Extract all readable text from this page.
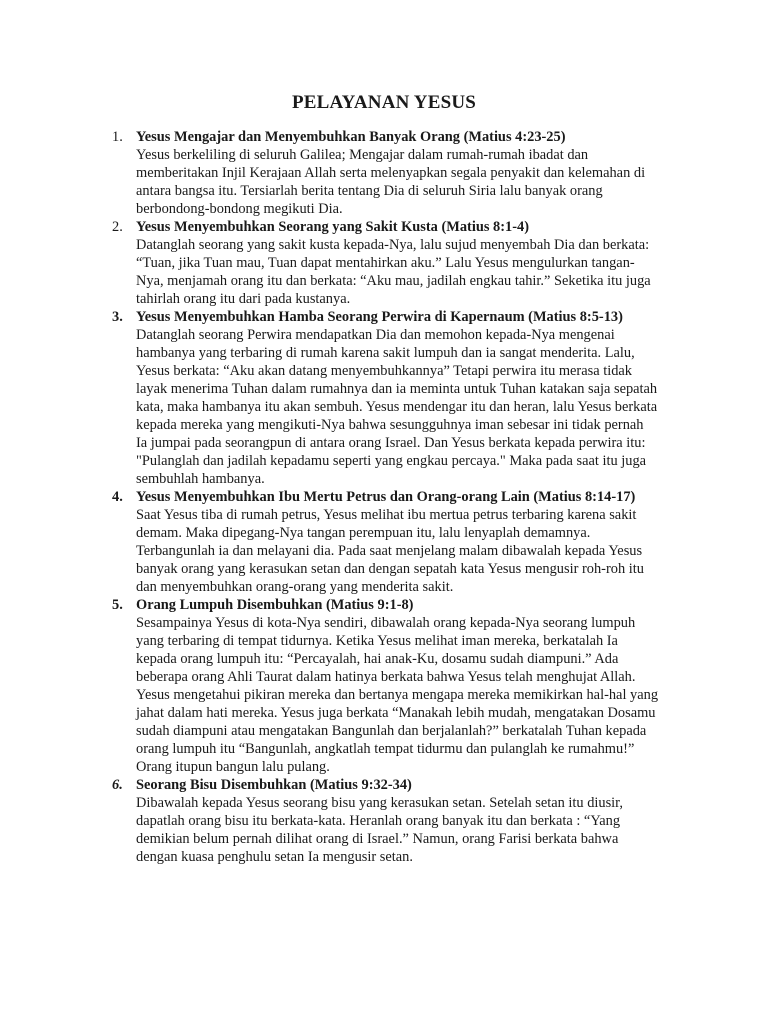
PELAYANAN YESUS
1. Yesus Mengajar dan Menyembuhkan Banyak Orang (Matius 4:23-25)
Yesus berkeliling di seluruh Galilea; Mengajar dalam rumah-rumah ibadat dan memberitakan Injil Kerajaan Allah serta melenyapkan segala penyakit dan kelemahan di antara bangsa itu. Tersiarlah berita tentang Dia di seluruh Siria lalu banyak orang berbondong-bondong megikuti Dia.
2. Yesus Menyembuhkan Seorang yang Sakit Kusta (Matius 8:1-4)
Datanglah seorang yang sakit kusta kepada-Nya, lalu sujud menyembah Dia dan berkata: “Tuan, jika Tuan mau, Tuan dapat mentahirkan aku.” Lalu Yesus mengulurkan tangan-Nya, menjamah orang itu dan berkata: “Aku mau, jadilah engkau tahir.” Seketika itu juga tahirlah orang itu dari pada kustanya.
3. Yesus Menyembuhkan Hamba Seorang Perwira di Kapernaum (Matius 8:5-13)
Datanglah seorang Perwira mendapatkan Dia dan memohon kepada-Nya mengenai hambanya yang terbaring di rumah karena sakit lumpuh dan ia sangat menderita. Lalu, Yesus berkata: “Aku akan datang menyembuhkannya” Tetapi perwira itu merasa tidak layak menerima Tuhan dalam rumahnya dan ia meminta untuk Tuhan katakan saja sepatah kata, maka hambanya itu akan sembuh. Yesus mendengar itu dan heran, lalu Yesus berkata kepada mereka yang mengikuti-Nya bahwa sesungguhnya iman sebesar ini tidak pernah Ia jumpai pada seorangpun di antara orang Israel. Dan Yesus berkata kepada perwira itu: "Pulanglah dan jadilah kepadamu seperti yang engkau percaya." Maka pada saat itu juga sembuhlah hambanya.
4. Yesus Menyembuhkan Ibu Mertu Petrus dan Orang-orang Lain (Matius 8:14-17)
Saat Yesus tiba di rumah petrus, Yesus melihat ibu mertua petrus terbaring karena sakit demam. Maka dipegang-Nya tangan perempuan itu, lalu lenyaplah demamnya. Terbangunlah ia dan melayani dia. Pada saat menjelang malam dibawalah kepada Yesus banyak orang yang kerasukan setan dan dengan sepatah kata Yesus mengusir roh-roh itu dan menyembuhkan orang-orang yang menderita sakit.
5. Orang Lumpuh Disembuhkan (Matius 9:1-8)
Sesampainya Yesus di kota-Nya sendiri, dibawalah orang kepada-Nya seorang lumpuh yang terbaring di tempat tidurnya. Ketika Yesus melihat iman mereka, berkatalah Ia kepada orang lumpuh itu: “Percayalah, hai anak-Ku, dosamu sudah diampuni.” Ada beberapa orang Ahli Taurat dalam hatinya berkata bahwa Yesus telah menghujat Allah. Yesus mengetahui pikiran mereka dan bertanya mengapa mereka memikirkan hal-hal yang jahat dalam hati mereka. Yesus juga berkata “Manakah lebih mudah, mengatakan Dosamu sudah diampuni atau mengatakan Bangunlah dan berjalanlah?” berkatalah Tuhan kepada orang lumpuh itu “Bangunlah, angkatlah tempat tidurmu dan pulanglah ke rumahmu!” Orang itupun bangun lalu pulang.
6. Seorang Bisu Disembuhkan (Matius 9:32-34)
Dibawalah kepada Yesus seorang bisu yang kerasukan setan. Setelah setan itu diusir, dapatlah orang bisu itu berkata-kata. Heranlah orang banyak itu dan berkata : “Yang demikian belum pernah dilihat orang di Israel.” Namun, orang Farisi berkata bahwa dengan kuasa penghulu setan Ia mengusir setan.
